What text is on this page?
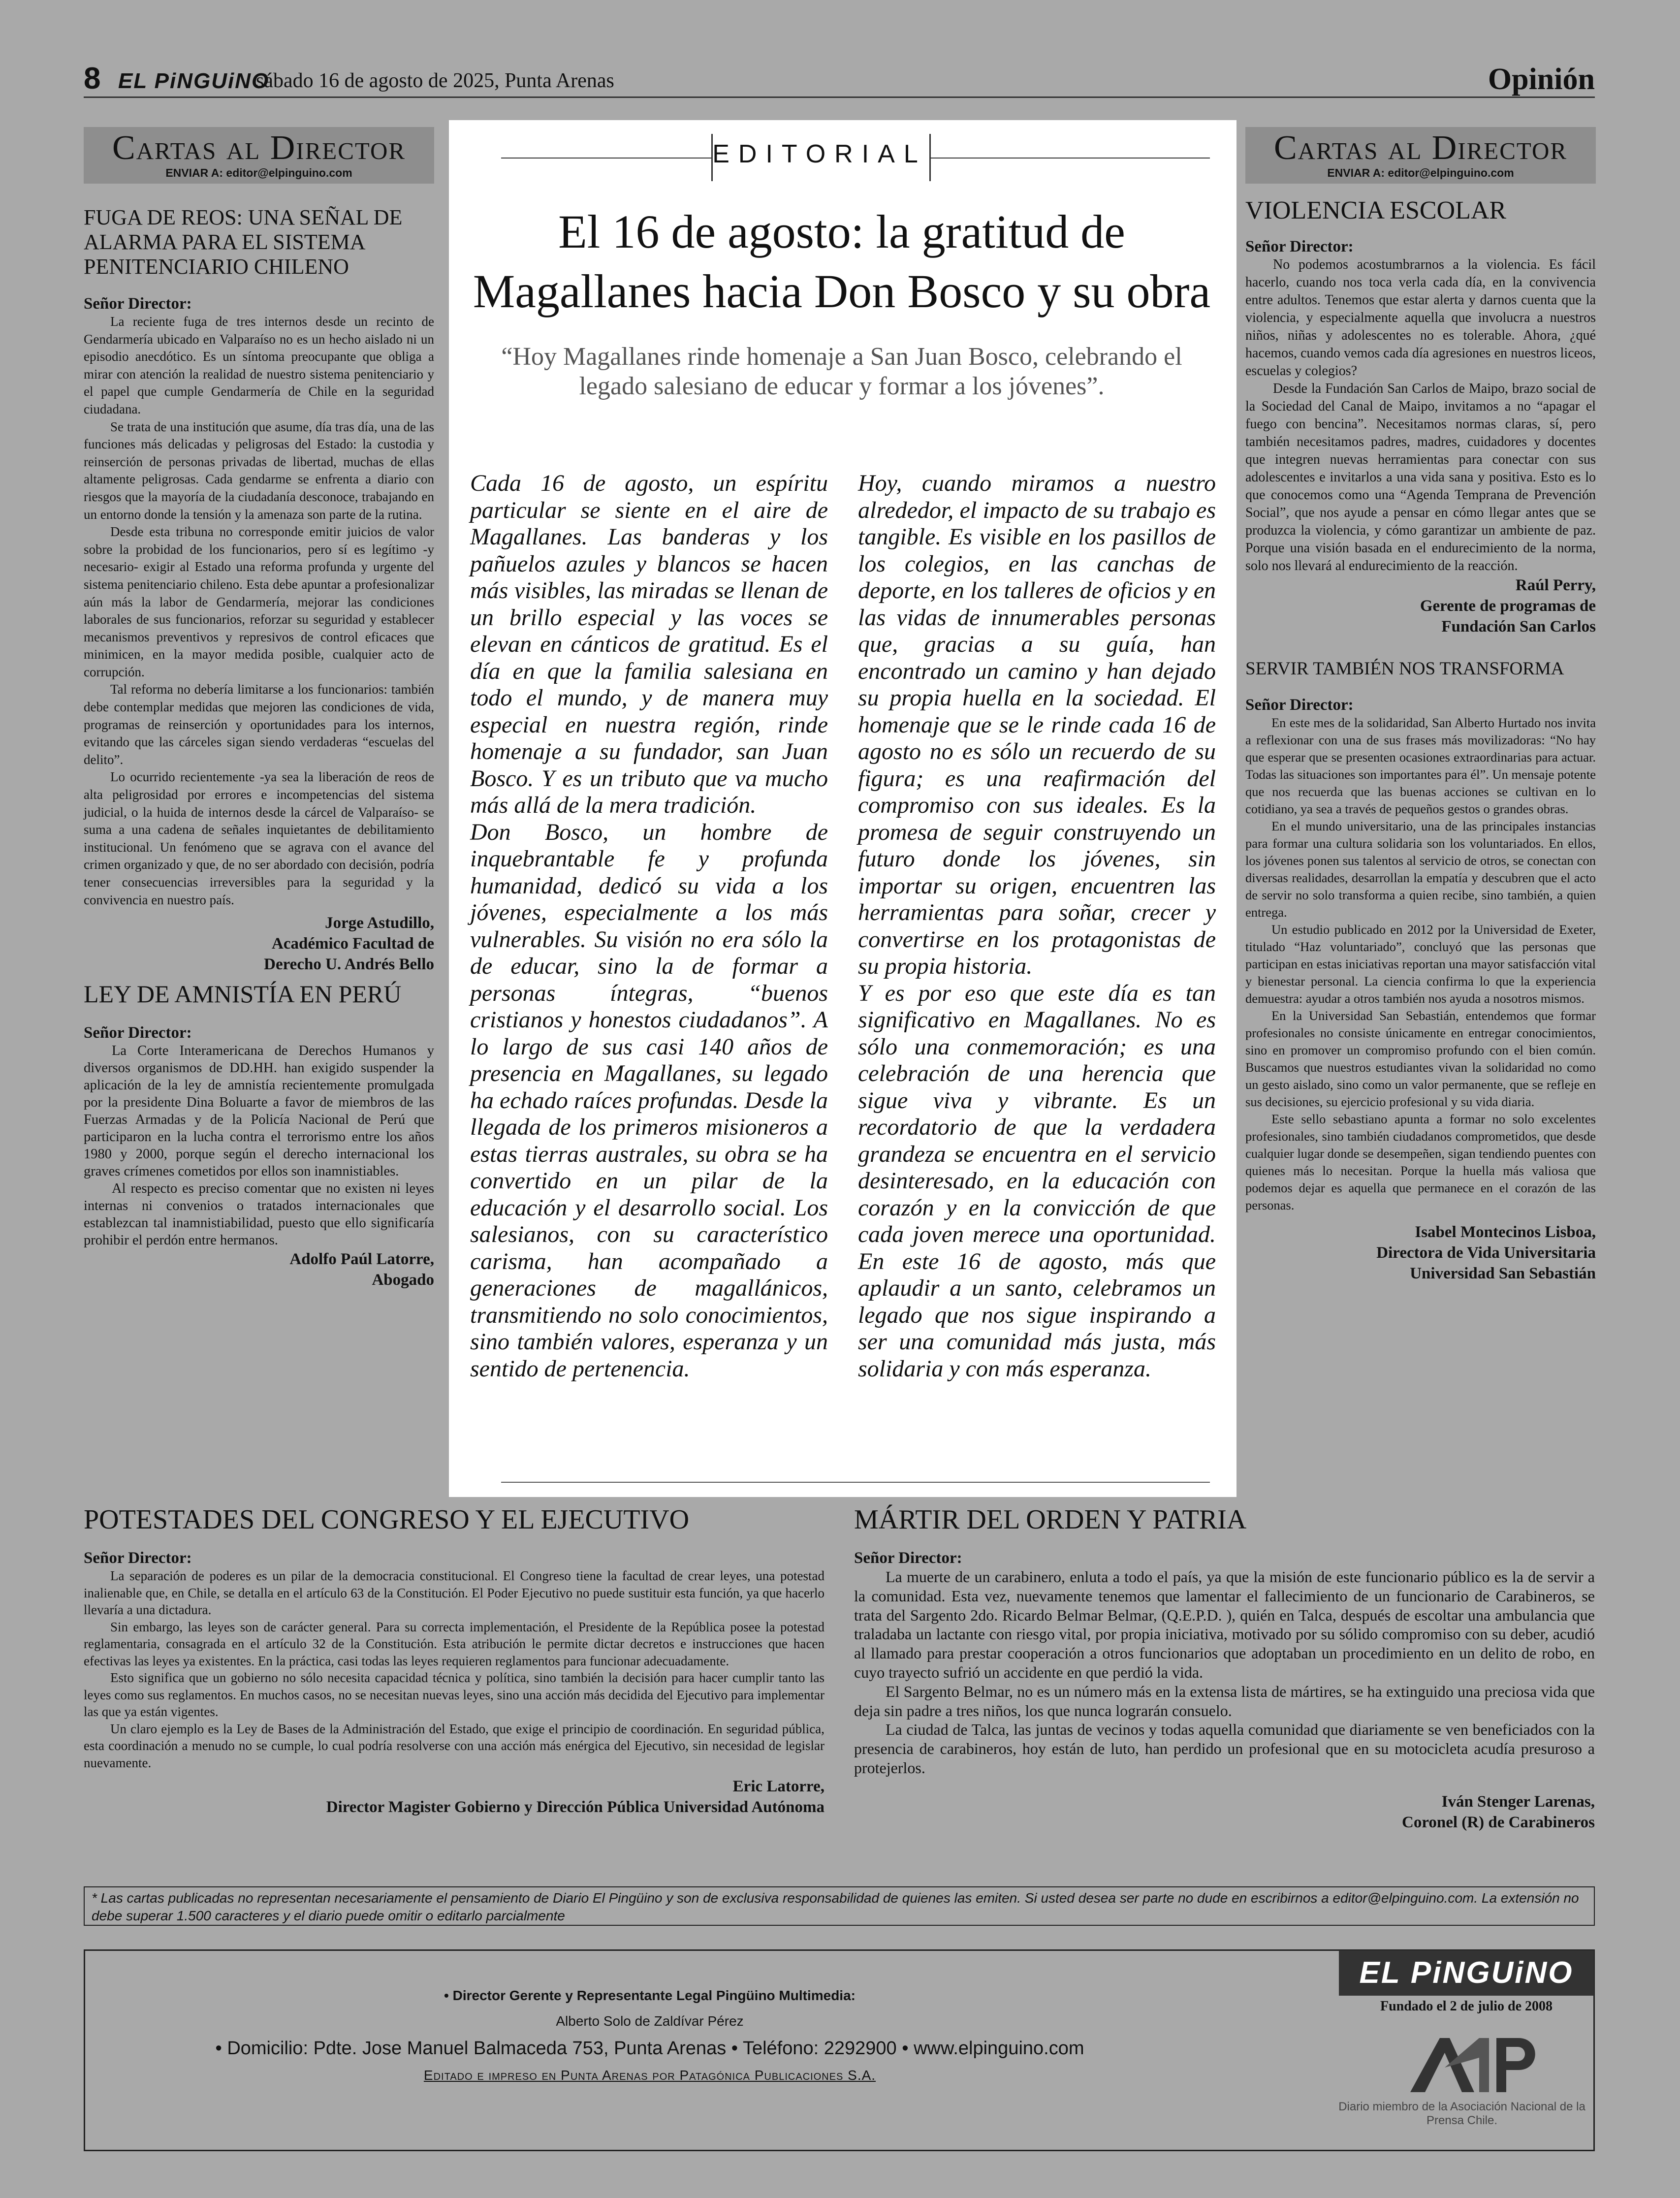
8 EL PiNGUiNO
sábado 16 de agosto de 2025, Punta Arenas	Opinión
Cartas al Director
ENVIAR A: editor@elpinguino.com
FUGA DE REOS: UNA SEÑAL DE ALARMA PARA EL SISTEMA PENITENCIARIO CHILENO
Señor Director:

La reciente fuga de tres internos desde un recinto de Gendarmería ubicado en Valparaíso no es un hecho aislado ni un episodio anecdótico. Es un síntoma preocupante que obliga a mirar con atención la realidad de nuestro sistema penitenciario y el papel que cumple Gendarmería de Chile en la seguridad ciudadana.

Se trata de una institución que asume, día tras día, una de las funciones más delicadas y peligrosas del Estado: la custodia y reinserción de personas privadas de libertad, muchas de ellas altamente peligrosas. Cada gendarme se enfrenta a diario con riesgos que la mayoría de la ciudadanía desconoce, trabajando en un entorno donde la tensión y la amenaza son parte de la rutina.

Desde esta tribuna no corresponde emitir juicios de valor sobre la probidad de los funcionarios, pero sí es legítimo -y necesario- exigir al Estado una reforma profunda y urgente del sistema penitenciario chileno. Esta debe apuntar a profesionalizar aún más la labor de Gendarmería, mejorar las condiciones laborales de sus funcionarios, reforzar su seguridad y establecer mecanismos preventivos y represivos de control eficaces que minimicen, en la mayor medida posible, cualquier acto de corrupción.

Tal reforma no debería limitarse a los funcionarios: también debe contemplar medidas que mejoren las condiciones de vida, programas de reinserción y oportunidades para los internos, evitando que las cárceles sigan siendo verdaderas “escuelas del delito”.

Lo ocurrido recientemente -ya sea la liberación de reos de alta peligrosidad por errores e incompetencias del sistema judicial, o la huida de internos desde la cárcel de Valparaíso- se suma a una cadena de señales inquietantes de debilitamiento institucional. Un fenómeno que se agrava con el avance del crimen organizado y que, de no ser abordado con decisión, podría tener consecuencias irreversibles para la seguridad y la convivencia en nuestro país.

Jorge Astudillo,
Académico Facultad de
Derecho U. Andrés Bello
LEY DE AMNISTÍA EN PERÚ
Señor Director:

La Corte Interamericana de Derechos Humanos y diversos organismos de DD.HH. han exigido suspender la aplicación de la ley de amnistía recientemente promulgada por la presidente Dina Boluarte a favor de miembros de las Fuerzas Armadas y de la Policía Nacional de Perú que participaron en la lucha contra el terrorismo entre los años 1980 y 2000, porque según el derecho internacional los graves crímenes cometidos por ellos son inamnistiables.

Al respecto es preciso comentar que no existen ni leyes internas ni convenios o tratados internacionales que establezcan tal inamnistiabilidad, puesto que ello significaría prohibir el perdón entre hermanos.

Adolfo Paúl Latorre,
Abogado
EDITORIAL
El 16 de agosto: la gratitud de
Magallanes hacia Don Bosco y su obra
“Hoy Magallanes rinde homenaje a San Juan Bosco, celebrando el legado salesiano de educar y formar a los jóvenes”.

Cada 16 de agosto, un espíritu particular se siente en el aire de Magallanes. Las banderas y los pañuelos azules y blancos se hacen más visibles, las miradas se llenan de un brillo especial y las voces se elevan en cánticos de gratitud. Es el día en que la familia salesiana en todo el mundo, y de manera muy especial en nuestra región, rinde homenaje a su fundador, san Juan Bosco. Y es un tributo que va mucho más allá de la mera tradición.

Don Bosco, un hombre de inquebrantable fe y profunda humanidad, dedicó su vida a los jóvenes, especialmente a los más vulnerables. Su visión no era sólo la de educar, sino la de formar a personas íntegras, “buenos cristianos y honestos ciudadanos”. A lo largo de sus casi 140 años de presencia en Magallanes, su legado ha echado raíces profundas. Desde la llegada de los primeros misioneros a estas tierras australes, su obra se ha convertido en un pilar de la educación y el desarrollo social. Los salesianos, con su característico carisma, han acompañado a generaciones de magallánicos, transmitiendo no solo conocimientos, sino también valores, esperanza y un sentido de pertenencia.

Hoy, cuando miramos a nuestro alrededor, el impacto de su trabajo es tangible. Es visible en los pasillos de los colegios, en las canchas de deporte, en los talleres de oficios y en las vidas de innumerables personas que, gracias a su guía, han encontrado un camino y han dejado su propia huella en la sociedad. El homenaje que se le rinde cada 16 de agosto no es sólo un recuerdo de su figura; es una reafirmación del compromiso con sus ideales. Es la promesa de seguir construyendo un futuro donde los jóvenes, sin importar su origen, encuentren las herramientas para soñar, crecer y convertirse en los protagonistas de su propia historia.

Y es por eso que este día es tan significativo en Magallanes. No es sólo una conmemoración; es una celebración de una herencia que sigue viva y vibrante. Es un recordatorio de que la verdadera grandeza se encuentra en el servicio desinteresado, en la educación con corazón y en la convicción de que cada joven merece una oportunidad. En este 16 de agosto, más que aplaudir a un santo, celebramos un legado que nos sigue inspirando a ser una comunidad más justa, más solidaria y con más esperanza.

Cartas al Director
ENVIAR A: editor@elpinguino.com
VIOLENCIA ESCOLAR
Señor Director:

No podemos acostumbrarnos a la violencia. Es fácil hacerlo, cuando nos toca verla cada día, en la convivencia entre adultos. Tenemos que estar alerta y darnos cuenta que la violencia, y especialmente aquella que involucra a nuestros niños, niñas y adolescentes no es tolerable. Ahora, ¿qué hacemos, cuando vemos cada día agresiones en nuestros liceos, escuelas y colegios?

Desde la Fundación San Carlos de Maipo, brazo social de la Sociedad del Canal de Maipo, invitamos a no “apagar el fuego con bencina”. Necesitamos normas claras, sí, pero también necesitamos padres, madres, cuidadores y docentes que integren nuevas herramientas para conectar con sus adolescentes e invitarlos a una vida sana y positiva. Esto es lo que conocemos como una “Agenda Temprana de Prevención Social”, que nos ayude a pensar en cómo llegar antes que se produzca la violencia, y cómo garantizar un ambiente de paz. Porque una visión basada en el endurecimiento de la norma, solo nos llevará al endurecimiento de la reacción.

Raúl Perry,
Gerente de programas de
Fundación San Carlos
SERVIR TAMBIÉN NOS TRANSFORMA
Señor Director:

En este mes de la solidaridad, San Alberto Hurtado nos invita a reflexionar con una de sus frases más movilizadoras: “No hay que esperar que se presenten ocasiones extraordinarias para actuar. Todas las situaciones son importantes para él”. Un mensaje potente que nos recuerda que las buenas acciones se cultivan en lo cotidiano, ya sea a través de pequeños gestos o grandes obras.

En el mundo universitario, una de las principales instancias para formar una cultura solidaria son los voluntariados. En ellos, los jóvenes ponen sus talentos al servicio de otros, se conectan con diversas realidades, desarrollan la empatía y descubren que el acto de servir no solo transforma a quien recibe, sino también, a quien entrega.

Un estudio publicado en 2012 por la Universidad de Exeter, titulado “Haz voluntariado”, concluyó que las personas que participan en estas iniciativas reportan una mayor satisfacción vital y bienestar personal. La ciencia confirma lo que la experiencia demuestra: ayudar a otros también nos ayuda a nosotros mismos.

En la Universidad San Sebastián, entendemos que formar profesionales no consiste únicamente en entregar conocimientos, sino en promover un compromiso profundo con el bien común. Buscamos que nuestros estudiantes vivan la solidaridad no como un gesto aislado, sino como un valor permanente, que se refleje en sus decisiones, su ejercicio profesional y su vida diaria.

Este sello sebastiano apunta a formar no solo excelentes profesionales, sino también ciudadanos comprometidos, que desde cualquier lugar donde se desempeñen, sigan tendiendo puentes con quienes más lo necesitan. Porque la huella más valiosa que podemos dejar es aquella que permanece en el corazón de las personas.

Isabel Montecinos Lisboa,
Directora de Vida Universitaria
Universidad San Sebastián
POTESTADES DEL CONGRESO Y EL EJECUTIVO
Señor Director:

La separación de poderes es un pilar de la democracia constitucional. El Congreso tiene la facultad de crear leyes, una potestad inalienable que, en Chile, se detalla en el artículo 63 de la Constitución. El Poder Ejecutivo no puede sustituir esta función, ya que hacerlo llevaría a una dictadura.

Sin embargo, las leyes son de carácter general. Para su correcta implementación, el Presidente de la República posee la potestad reglamentaria, consagrada en el artículo 32 de la Constitución. Esta atribución le permite dictar decretos e instrucciones que hacen efectivas las leyes ya existentes. En la práctica, casi todas las leyes requieren reglamentos para funcionar adecuadamente.

Esto significa que un gobierno no sólo necesita capacidad técnica y política, sino también la decisión para hacer cumplir tanto las leyes como sus reglamentos. En muchos casos, no se necesitan nuevas leyes, sino una acción más decidida del Ejecutivo para implementar las que ya están vigentes.

Un claro ejemplo es la Ley de Bases de la Administración del Estado, que exige el principio de coordinación. En seguridad pública, esta coordinación a menudo no se cumple, lo cual podría resolverse con una acción más enérgica del Ejecutivo, sin necesidad de legislar nuevamente.

Eric Latorre,
Director Magister Gobierno y Dirección Pública Universidad Autónoma
MÁRTIR DEL ORDEN Y PATRIA
Señor Director:

La muerte de un carabinero, enluta a todo el país, ya que la misión de este funcionario público es la de servir a la comunidad. Esta vez, nuevamente tenemos que lamentar el fallecimiento de un funcionario de Carabineros, se trata del Sargento 2do. Ricardo Belmar Belmar, (Q.E.P.D. ), quién en Talca, después de escoltar una ambulancia que traladaba un lactante con riesgo vital, por propia iniciativa, motivado por su sólido compromiso con su deber, acudió al llamado para prestar cooperación a otros funcionarios que adoptaban un procedimiento en un delito de robo, en cuyo trayecto sufrió un accidente en que perdió la vida.

El Sargento Belmar, no es un número más en la extensa lista de mártires, se ha extinguido una preciosa vida que deja sin padre a tres niños, los que nunca lograrán consuelo.

La ciudad de Talca, las juntas de vecinos y todas aquella comunidad que diariamente se ven beneficiados con la presencia de carabineros, hoy están de luto, han perdido un profesional que en su motocicleta acudía presuroso a protejerlos.

Iván Stenger Larenas,
Coronel (R) de Carabineros
* Las cartas publicadas no representan necesariamente el pensamiento de Diario El Pingüino y son de exclusiva responsabilidad de quienes las emiten. Si usted desea ser parte no dude en escribirnos a editor@elpinguino.com. La extensión no debe superar 1.500 caracteres y el diario puede omitir o editarlo parcialmente
• Director Gerente y Representante Legal Pingüino Multimedia:
Alberto Solo de Zaldívar Pérez
• Domicilio: Pdte. Jose Manuel Balmaceda 753, Punta Arenas • Teléfono: 2292900 • www.elpinguino.com
Editado e impreso en Punta Arenas por Patagónica Publicaciones S.A.
EL PiNGUiNO
Fundado el 2 de julio de 2008
Diario miembro de la Asociación Nacional de la Prensa Chile.
